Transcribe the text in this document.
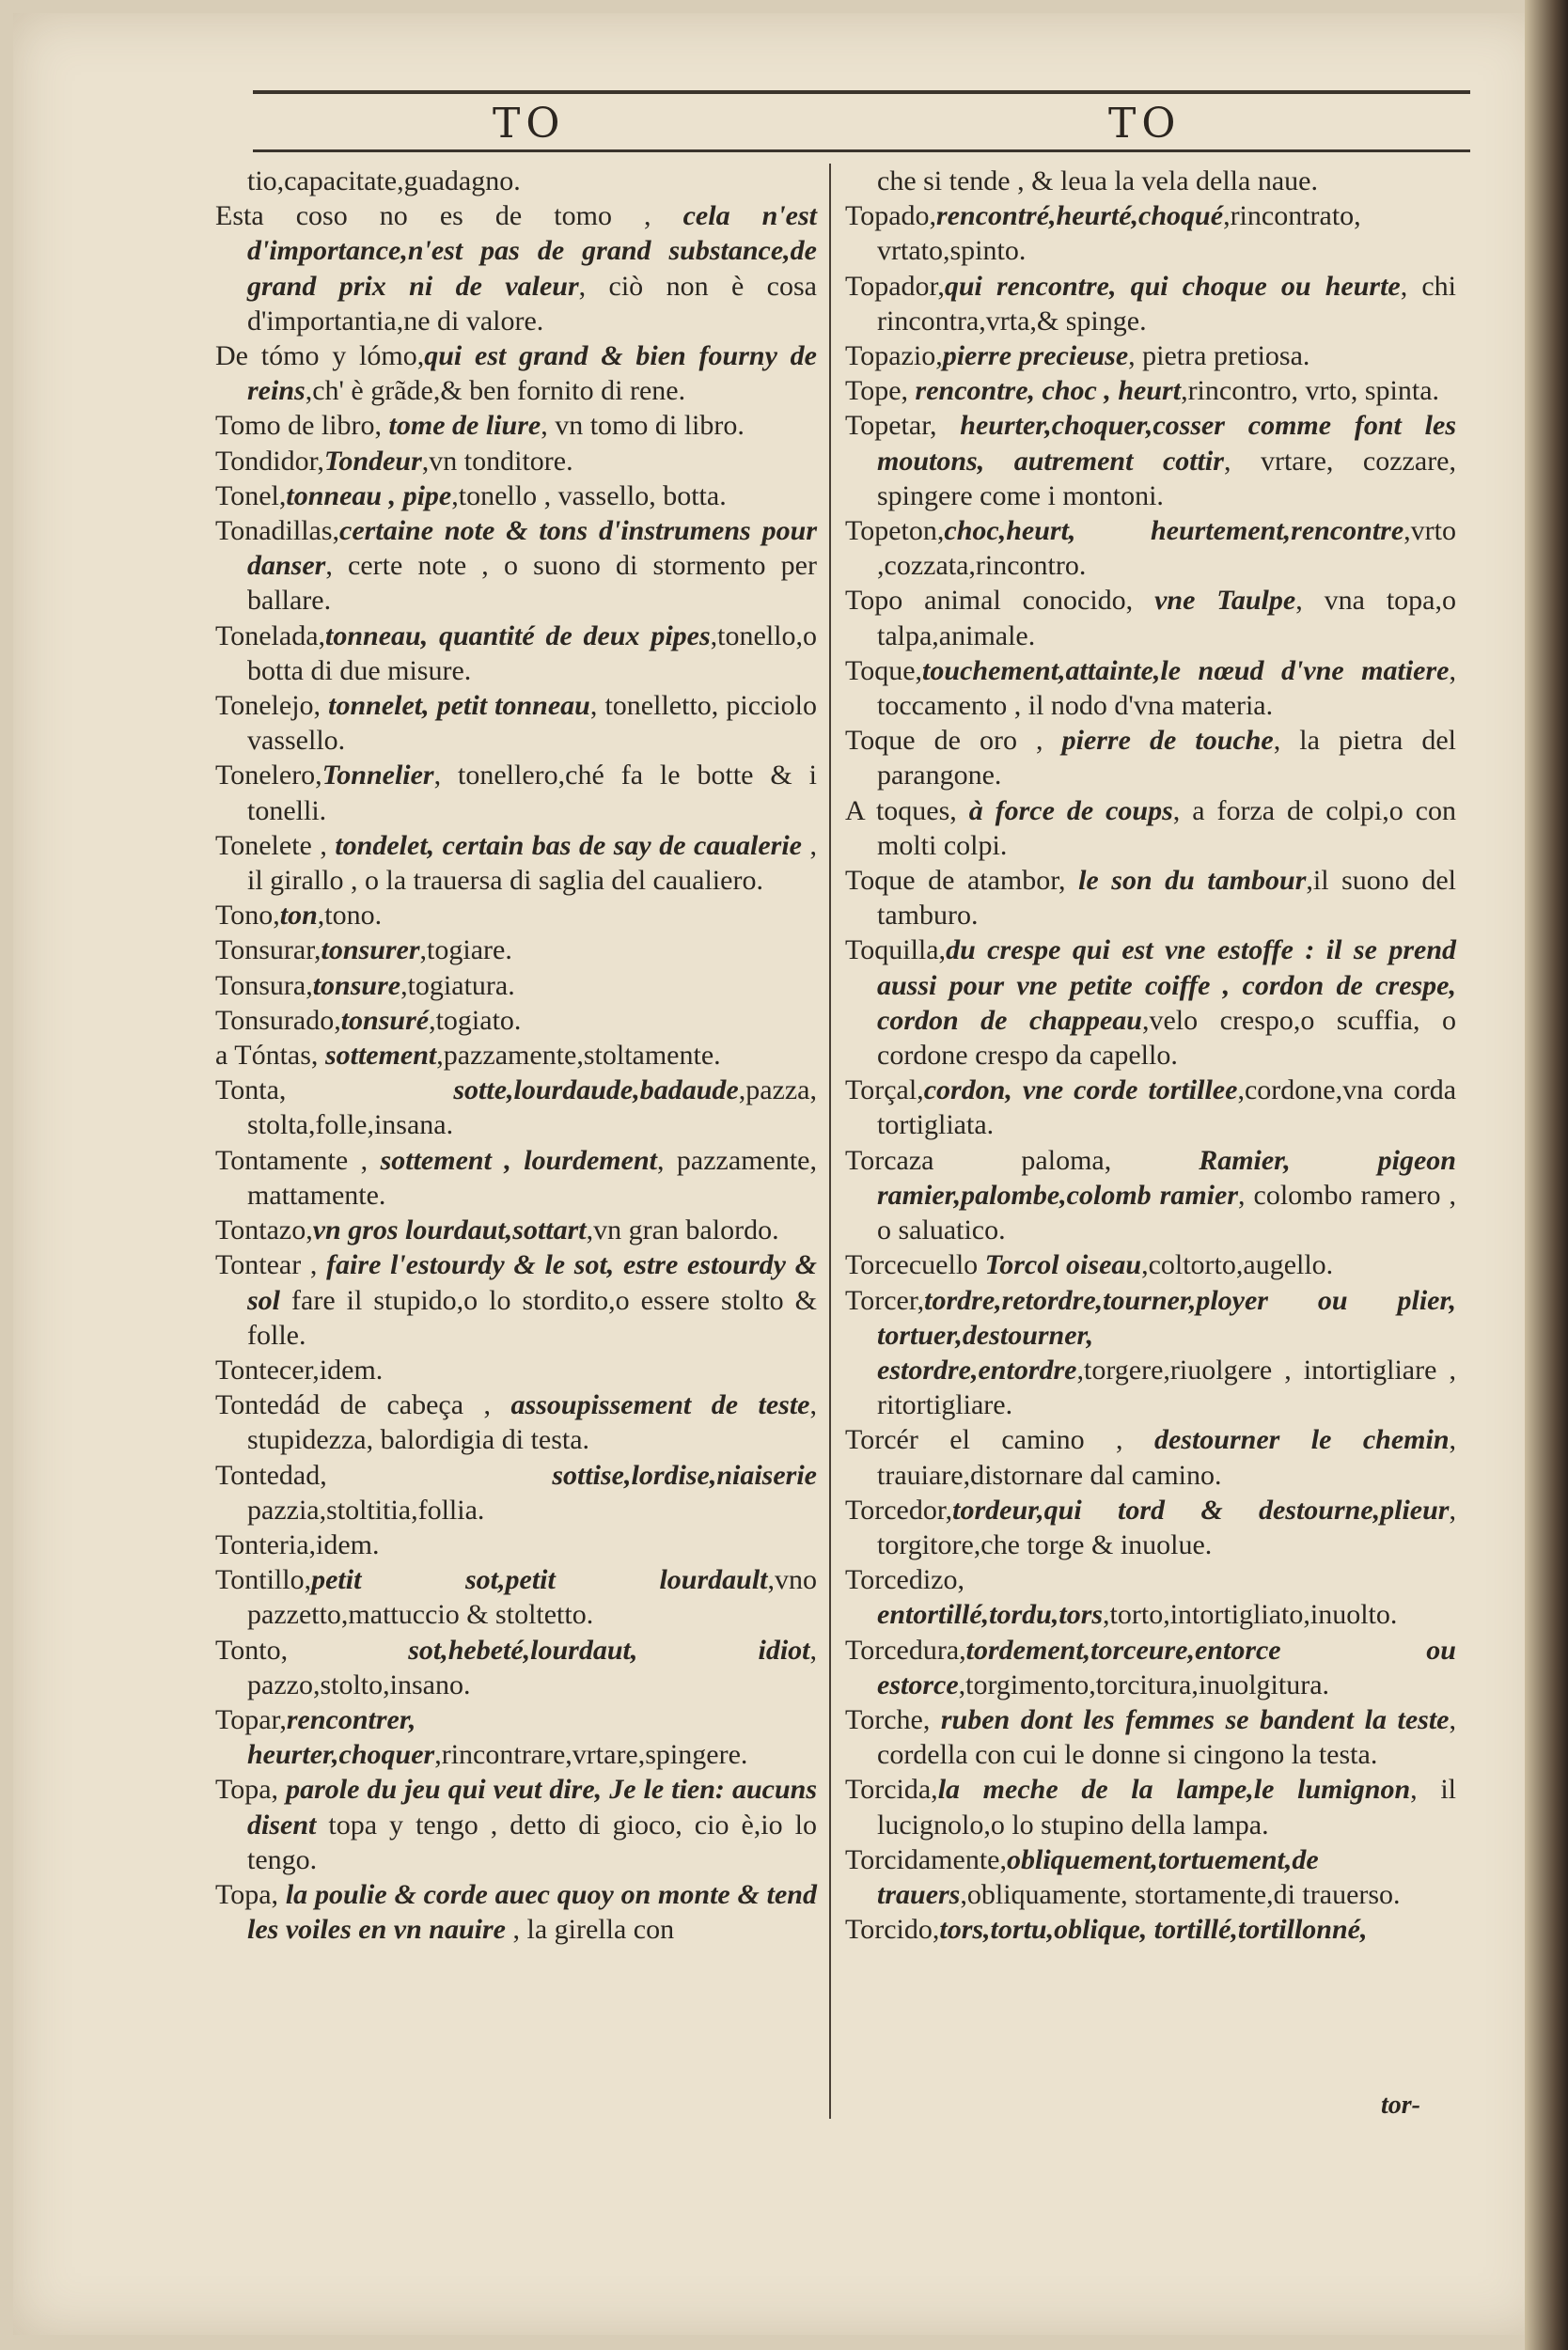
TO	TO
tio,capacitate,guadagno.
Esta coso no es de tomo , cela n'est d'importance,n'est pas de grand substance,de grand prix ni de valeur, ciò non è cosa d'importantia,ne di valore.
De tómo y lómo,qui est grand & bien fourny de reins,ch' è grãde,& ben fornito di rene.
Tomo de libro, tome de liure, vn tomo di libro.
Tondidor,Tondeur,vn tonditore.
Tonel,tonneau , pipe,tonello , vassello, botta.
Tonadillas,certaine note & tons d'instrumens pour danser, certe note , o suono di stormento per ballare.
Tonelada,tonneau, quantité de deux pipes,tonello,o botta di due misure.
Tonelejo, tonnelet, petit tonneau, tonelletto, picciolo vassello.
Tonelero,Tonnelier, tonellero,ché fa le botte & i tonelli.
Tonelete , tondelet, certain bas de say de caualerie , il girallo , o la trauersa di saglia del caualiero.
Tono,ton,tono.
Tonsurar,tonsurer,togiare.
Tonsura,tonsure,togiatura.
Tonsurado,tonsuré,togiato.
a Tóntas, sottement,pazzamente,stoltamente.
Tonta, sotte,lourdaude,badaude,pazza, stolta,folle,insana.
Tontamente , sottement , lourdement, pazzamente, mattamente.
Tontazo,vn gros lourdaut,sottart,vn gran balordo.
Tontear , faire l'estourdy & le sot, estre estourdy & sol fare il stupido,o lo stordito,o essere stolto & folle.
Tontecer,idem.
Tontedád de cabeça , assoupissement de teste, stupidezza, balordigia di testa.
Tontedad, sottise,lordise,niaiserie pazzia,stoltitia,follia.
Tonteria,idem.
Tontillo,petit sot,petit lourdault,vno pazzetto,mattuccio & stoltetto.
Tonto, sot,hebeté,lourdaut, idiot, pazzo,stolto,insano.
Topar,rencontrer, heurter,choquer,rincontrare,vrtare,spingere.
Topa, parole du jeu qui veut dire, Je le tien: aucuns disent topa y tengo , detto di gioco, cio è,io lo tengo.
Topa, la poulie & corde auec quoy on monte & tend les voiles en vn nauire , la girella con
che si tende , & leua la vela della naue.
Topado,rencontré,heurté,choqué,rincontrato, vrtato,spinto.
Topador,qui rencontre, qui choque ou heurte, chi rincontra,vrta,& spinge.
Topazio,pierre precieuse, pietra pretiosa.
Tope, rencontre, choc , heurt,rincontro, vrto, spinta.
Topetar, heurter,choquer,cosser comme font les moutons, autrement cottir, vrtare, cozzare, spingere come i montoni.
Topeton,choc,heurt, heurtement,rencontre,vrto ,cozzata,rincontro.
Topo animal conocido, vne Taulpe, vna topa,o talpa,animale.
Toque,touchement,attainte,le nœud d'vne matiere, toccamento , il nodo d'vna materia.
Toque de oro , pierre de touche, la pietra del parangone.
A toques, à force de coups, a forza de colpi,o con molti colpi.
Toque de atambor, le son du tambour,il suono del tamburo.
Toquilla,du crespe qui est vne estoffe : il se prend aussi pour vne petite coiffe , cordon de crespe, cordon de chappeau,velo crespo,o scuffia, o cordone crespo da capello.
Torçal,cordon, vne corde tortillee,cordone,vna corda tortigliata.
Torcaza paloma, Ramier, pigeon ramier,palombe,colomb ramier, colombo ramero , o saluatico.
Torcecuello Torcol oiseau,coltorto,augello.
Torcer,tordre,retordre,tourner,ployer ou plier, tortuer,destourner, estordre,entordre,torgere,riuolgere , intortigliare , ritortigliare.
Torcér el camino , destourner le chemin, trauiare,distornare dal camino.
Torcedor,tordeur,qui tord & destourne,plieur, torgitore,che torge & inuolue.
Torcedizo, entortillé,tordu,tors,torto,intortigliato,inuolto.
Torcedura,tordement,torceure,entorce ou estorce,torgimento,torcitura,inuolgitura.
Torche, ruben dont les femmes se bandent la teste, cordella con cui le donne si cingono la testa.
Torcida,la meche de la lampe,le lumignon, il lucignolo,o lo stupino della lampa.
Torcidamente,obliquement,tortuement,de trauers,obliquamente, stortamente,di trauerso.
Torcido,tors,tortu,oblique, tortillé,tortillonné,
tor-
